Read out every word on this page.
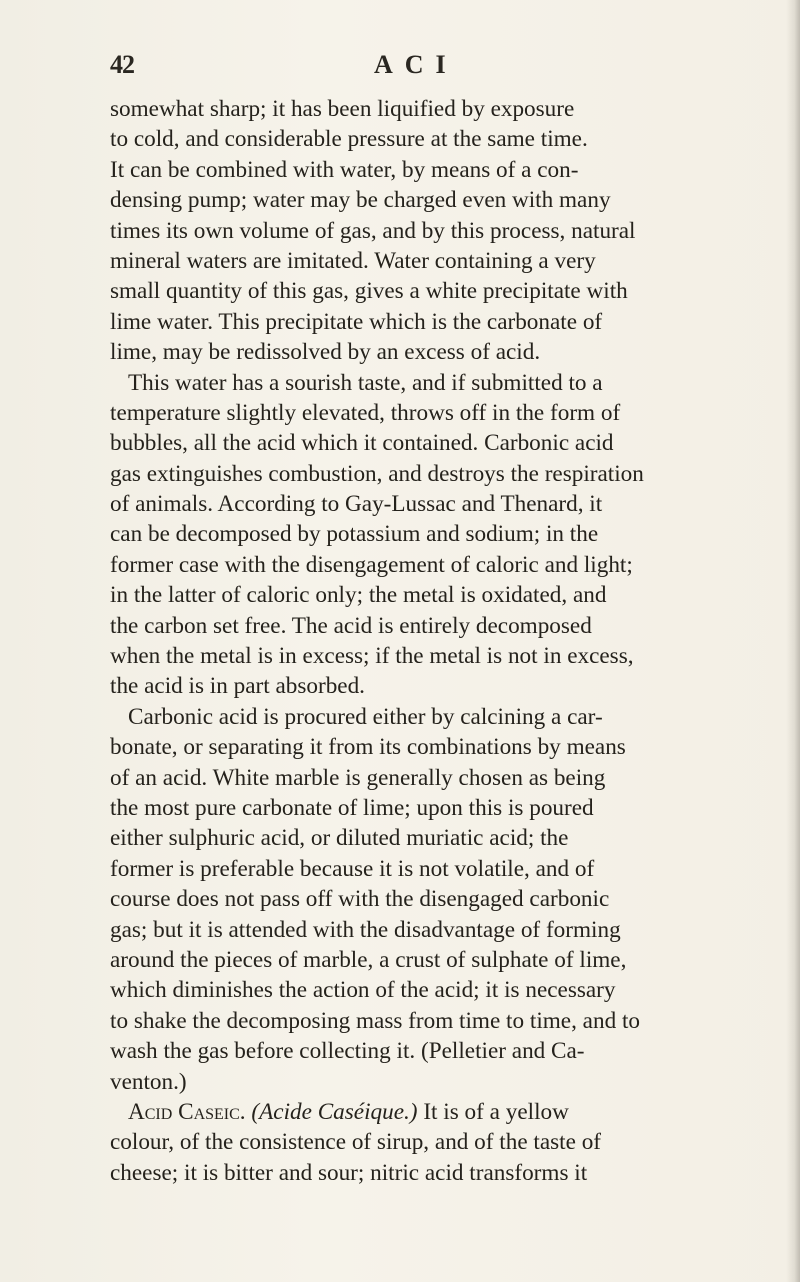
42	ACI
somewhat sharp; it has been liquified by exposure
to cold, and considerable pressure at the same time.
It can be combined with water, by means of a con-
densing pump; water may be charged even with many
times its own volume of gas, and by this process, natural
mineral waters are imitated. Water containing a very
small quantity of this gas, gives a white precipitate with
lime water. This precipitate which is the carbonate of
lime, may be redissolved by an excess of acid.
This water has a sourish taste, and if submitted to a
temperature slightly elevated, throws off in the form of
bubbles, all the acid which it contained. Carbonic acid
gas extinguishes combustion, and destroys the respiration
of animals. According to Gay-Lussac and Thenard, it
can be decomposed by potassium and sodium; in the
former case with the disengagement of caloric and light;
in the latter of caloric only; the metal is oxidated, and
the carbon set free. The acid is entirely decomposed
when the metal is in excess; if the metal is not in excess,
the acid is in part absorbed.
Carbonic acid is procured either by calcining a car-
bonate, or separating it from its combinations by means
of an acid. White marble is generally chosen as being
the most pure carbonate of lime; upon this is poured
either sulphuric acid, or diluted muriatic acid; the
former is preferable because it is not volatile, and of
course does not pass off with the disengaged carbonic
gas; but it is attended with the disadvantage of forming
around the pieces of marble, a crust of sulphate of lime,
which diminishes the action of the acid; it is necessary
to shake the decomposing mass from time to time, and to
wash the gas before collecting it. (Pelletier and Ca-
venton.)
Acid Caseic. (Acide Caséique.) It is of a yellow
colour, of the consistence of sirup, and of the taste of
cheese; it is bitter and sour; nitric acid transforms it
